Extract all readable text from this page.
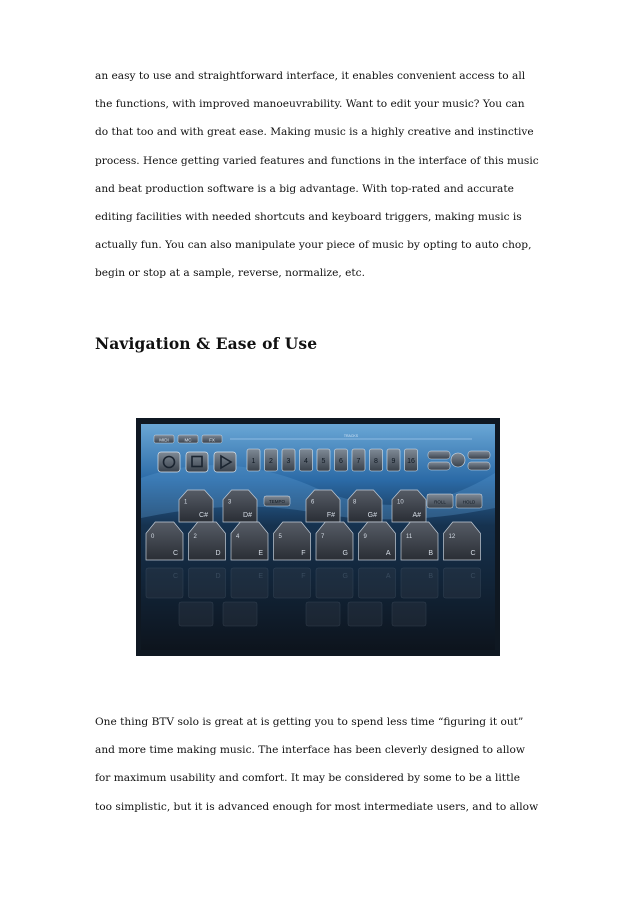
an easy to use and straightforward interface, it enables convenient access to all
the functions, with improved manoeuvrability. Want to edit your music? You can
do that too and with great ease. Making music is a highly creative and instinctive
process. Hence getting varied features and functions in the interface of this music
and beat production software is a big advantage. With top-rated and accurate
editing facilities with needed shortcuts and keyboard triggers, making music is
actually fun. You can also manipulate your piece of music by opting to auto chop,
begin or stop at a sample, reverse, normalize, etc.
Navigation & Ease of Use
MIDI	MC	FX
TRACKS
1 2 3 4 5 6 7 8 9 16
1
C#
3
D#
6
F#
8
G#
10
A#
TEMPO	ROLL	HOLD
0
C
2
D
4
E
5
F
7
G
9
A
11
B
12
C
C	D	E	F	G	A	B	C
One thing BTV solo is great at is getting you to spend less time “figuring it out”
and more time making music. The interface has been cleverly designed to allow
for maximum usability and comfort. It may be considered by some to be a little
too simplistic, but it is advanced enough for most intermediate users, and to allow
